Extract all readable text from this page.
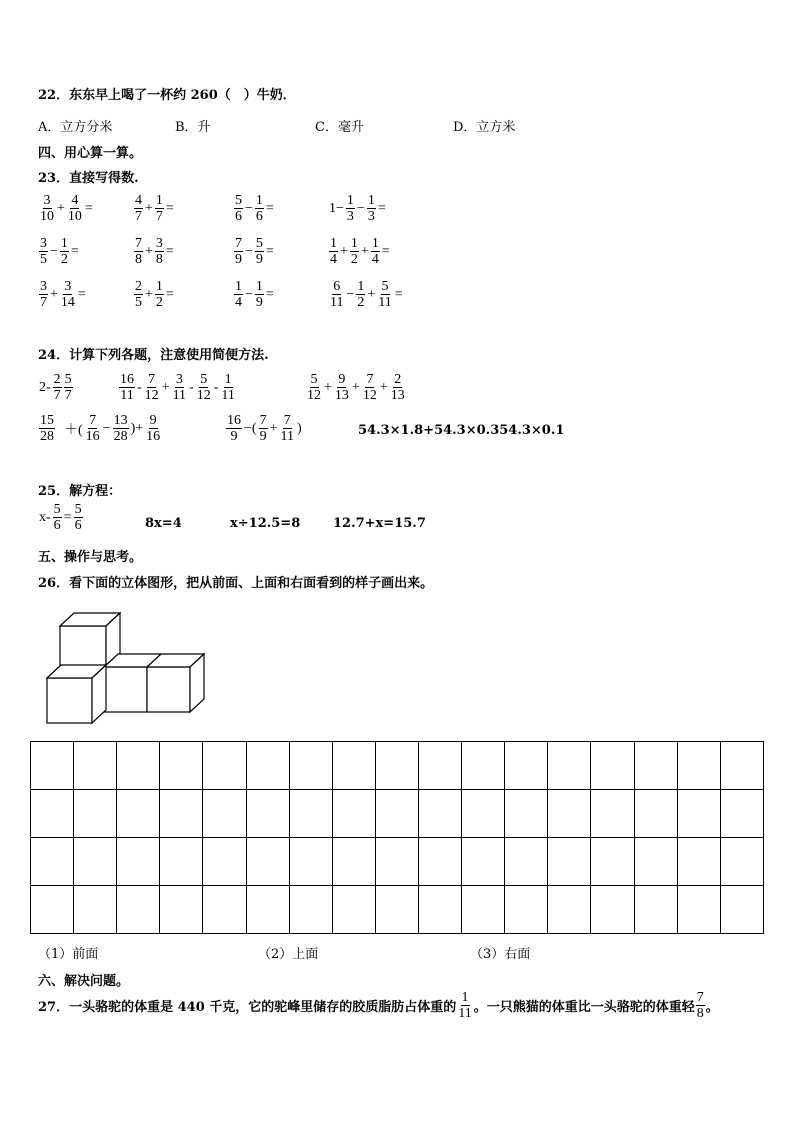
22．东东早上喝了一杯约 260（　）牛奶．
A．立方分米	B．升	C．毫升	D．立方米
四、用心算一算。
23．直接写得数.
$\frac{3}{10} + \frac{4}{10}$ =	$\frac{4}{7} + \frac{1}{7}$ =	$\frac{5}{6} - \frac{1}{6}$ =	$1- \frac{1}{3} - \frac{1}{3}$ =
$\frac{3}{5} - \frac{1}{2}$ =	$\frac{7}{8} + \frac{3}{8}$ =	$\frac{7}{9} - \frac{5}{9}$ =	$\frac{1}{4} + \frac{1}{2} + \frac{1}{4}$ =
$\frac{3}{7} + \frac{3}{14}$ =	$\frac{2}{5} + \frac{1}{2}$ =	$\frac{1}{4} - \frac{1}{9}$ =	$\frac{6}{11} - \frac{1}{2} + \frac{5}{11}$ =
24．计算下列各题，注意使用简便方法.
$2- \frac{2}{7} \frac{5}{7}$	$\frac{16}{11} - \frac{7}{12} + \frac{3}{11} - \frac{5}{12} - \frac{1}{11}$	$\frac{5}{12} + \frac{9}{13} + \frac{7}{12} + \frac{2}{13}$
$\frac{15}{28}$ ＋( $\frac{7}{16} - \frac{13}{28}$ )+ $\frac{9}{16}$	$\frac{16}{9}$ −( $\frac{7}{9} + \frac{7}{11}$ )	54.3×1.8+54.3×0.354.3×0.1
25．解方程：
$x- \frac{5}{6} = \frac{5}{6}$	8x=4	x÷12.5=8	12.7+x=15.7
五、操作与思考。
26．看下面的立体图形，把从前面、上面和右面看到的样子画出来。

（1）前面	（2）上面	（3）右面
六、解决问题。
27．一头骆驼的体重是 440 千克，它的驼峰里储存的胶质脂肪占体重的 $\frac{1}{11}$ 。一只熊猫的体重比一头骆驼的体重轻 $\frac{7}{8}$ 。
